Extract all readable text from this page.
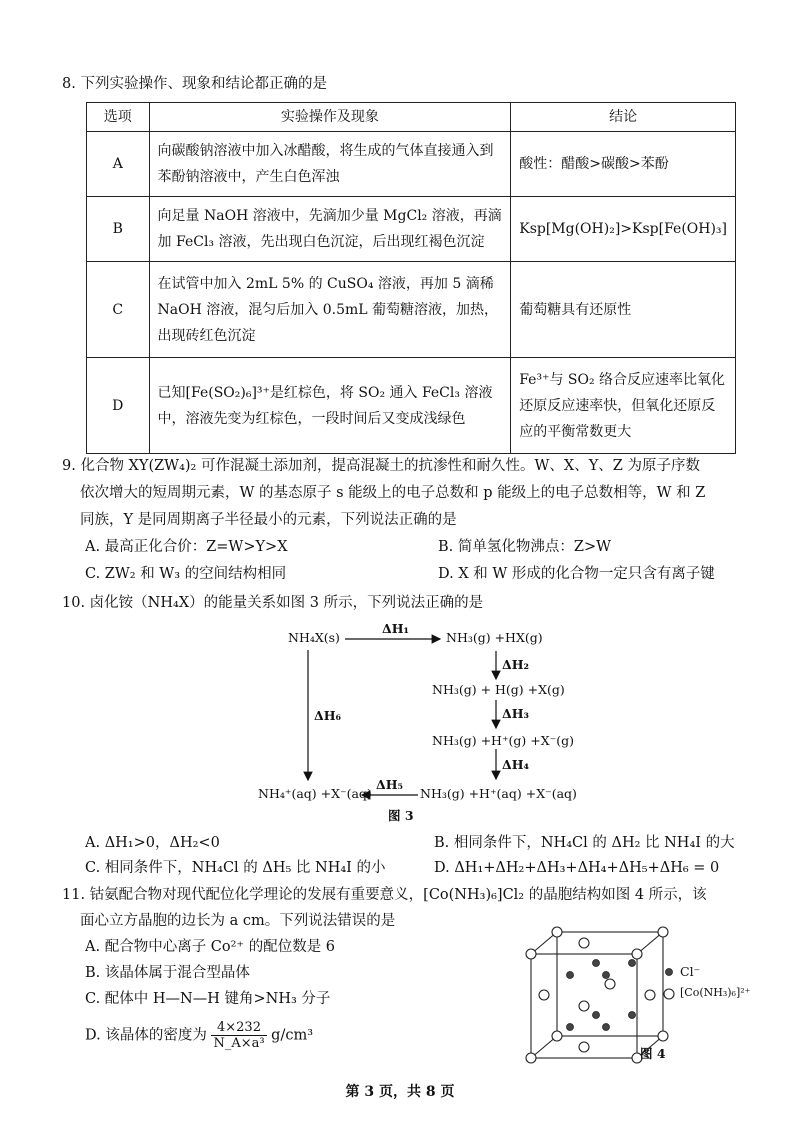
8. 下列实验操作、现象和结论都正确的是
选项	实验操作及现象	结论
A	向碳酸钠溶液中加入冰醋酸，将生成的气体直接通入到苯酚钠溶液中，产生白色浑浊	酸性：醋酸>碳酸>苯酚
B	向足量 NaOH 溶液中，先滴加少量 MgCl₂ 溶液，再滴加 FeCl₃ 溶液，先出现白色沉淀，后出现红褐色沉淀	Ksp[Mg(OH)₂]>Ksp[Fe(OH)₃]
C	在试管中加入 2mL 5% 的 CuSO₄ 溶液，再加 5 滴稀 NaOH 溶液，混匀后加入 0.5mL 葡萄糖溶液，加热，出现砖红色沉淀	葡萄糖具有还原性
D	已知[Fe(SO₂)₆]³⁺是红棕色，将 SO₂ 通入 FeCl₃ 溶液中，溶液先变为红棕色，一段时间后又变成浅绿色	Fe³⁺与 SO₂ 络合反应速率比氧化还原反应速率快，但氧化还原反应的平衡常数更大
9. 化合物 XY(ZW₄)₂ 可作混凝土添加剂，提高混凝土的抗渗性和耐久性。W、X、Y、Z 为原子序数
依次增大的短周期元素，W 的基态原子 s 能级上的电子总数和 p 能级上的电子总数相等，W 和 Z
同族，Y 是同周期离子半径最小的元素，下列说法正确的是
A. 最高正化合价：Z=W>Y>X	B. 简单氢化物沸点：Z>W
C. ZW₂ 和 W₃ 的空间结构相同	D. X 和 W 形成的化合物一定只含有离子键
10. 卤化铵（NH₄X）的能量关系如图 3 所示，下列说法正确的是
NH₄X(s)
ΔH₁
NH₃(g) +HX(g)
ΔH₂
NH₃(g) + H(g) +X(g)
ΔH₃
NH₃(g) +H⁺(g) +X⁻(g)
ΔH₄
NH₃(g) +H⁺(aq) +X⁻(aq)
ΔH₅
NH₄⁺(aq) +X⁻(aq)
ΔH₆
图 3
A. ΔH₁>0，ΔH₂<0	B. 相同条件下，NH₄Cl 的 ΔH₂ 比 NH₄I 的大
C. 相同条件下，NH₄Cl 的 ΔH₅ 比 NH₄I 的小	D. ΔH₁+ΔH₂+ΔH₃+ΔH₄+ΔH₅+ΔH₆ = 0
11. 钴氨配合物对现代配位化学理论的发展有重要意义，[Co(NH₃)₆]Cl₂ 的晶胞结构如图 4 所示，该
面心立方晶胞的边长为 a cm。下列说法错误的是
A. 配合物中心离子 Co²⁺ 的配位数是 6
B. 该晶体属于混合型晶体
C. 配体中 H—N—H 键角>NH₃ 分子
D. 该晶体的密度为 $\frac{4\times 232}{\text{N\_A×a³}} g/cm^3$
Cl⁻
[Co(NH₃)₆]²⁺
图 4
第 3 页，共 8 页
